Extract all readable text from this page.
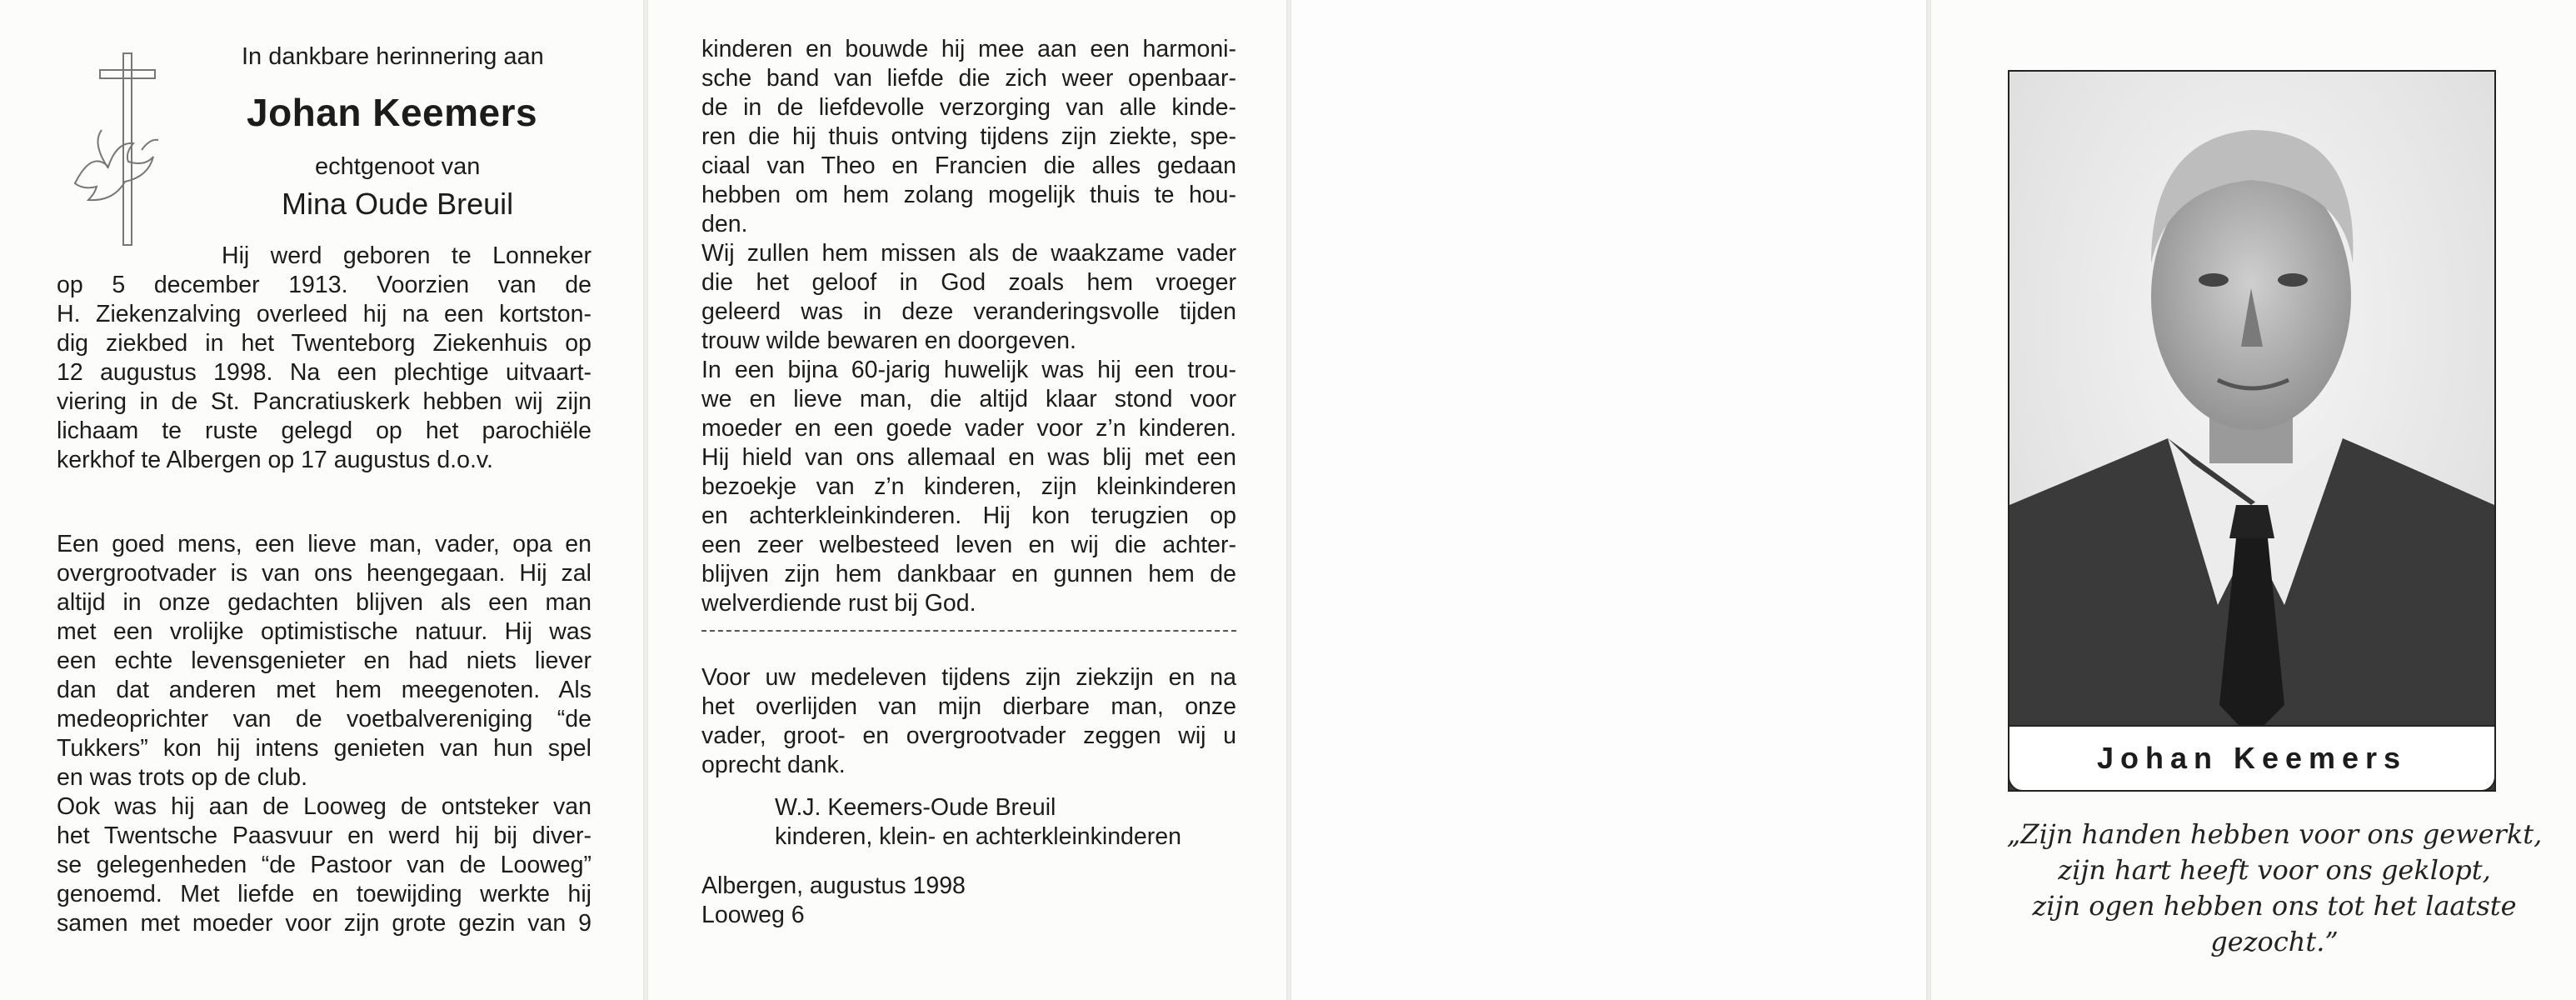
In dankbare herinnering aan
Johan Keemers
echtgenoot van
Mina Oude Breuil
Hij werd geboren te Lonneker
op 5 december 1913. Voorzien van de
H. Ziekenzalving overleed hij na een kortston-
dig ziekbed in het Twenteborg Ziekenhuis op
12 augustus 1998. Na een plechtige uitvaart-
viering in de St. Pancratiuskerk hebben wij zijn
lichaam te ruste gelegd op het parochiële
kerkhof te Albergen op 17 augustus d.o.v.
Een goed mens, een lieve man, vader, opa en
overgrootvader is van ons heengegaan. Hij zal
altijd in onze gedachten blijven als een man
met een vrolijke optimistische natuur. Hij was
een echte levensgenieter en had niets liever
dan dat anderen met hem meegenoten. Als
medeoprichter van de voetbalvereniging “de
Tukkers” kon hij intens genieten van hun spel
en was trots op de club.
Ook was hij aan de Looweg de ontsteker van
het Twentsche Paasvuur en werd hij bij diver-
se gelegenheden “de Pastoor van de Looweg”
genoemd. Met liefde en toewijding werkte hij
samen met moeder voor zijn grote gezin van 9
kinderen en bouwde hij mee aan een harmoni-
sche band van liefde die zich weer openbaar-
de in de liefdevolle verzorging van alle kinde-
ren die hij thuis ontving tijdens zijn ziekte, spe-
ciaal van Theo en Francien die alles gedaan
hebben om hem zolang mogelijk thuis te hou-
den.
Wij zullen hem missen als de waakzame vader
die het geloof in God zoals hem vroeger
geleerd was in deze veranderingsvolle tijden
trouw wilde bewaren en doorgeven.
In een bijna 60-jarig huwelijk was hij een trou-
we en lieve man, die altijd klaar stond voor
moeder en een goede vader voor z’n kinderen.
Hij hield van ons allemaal en was blij met een
bezoekje van z’n kinderen, zijn kleinkinderen
en achterkleinkinderen. Hij kon terugzien op
een zeer welbesteed leven en wij die achter-
blijven zijn hem dankbaar en gunnen hem de
welverdiende rust bij God.
Voor uw medeleven tijdens zijn ziekzijn en na
het overlijden van mijn dierbare man, onze
vader, groot- en overgrootvader zeggen wij u
oprecht dank.
W.J. Keemers-Oude Breuil
kinderen, klein- en achterkleinkinderen
Albergen, augustus 1998
Looweg 6
Johan Keemers
„Zijn handen hebben voor ons gewerkt,
zijn hart heeft voor ons geklopt,
zijn ogen hebben ons tot het laatste gezocht.”
